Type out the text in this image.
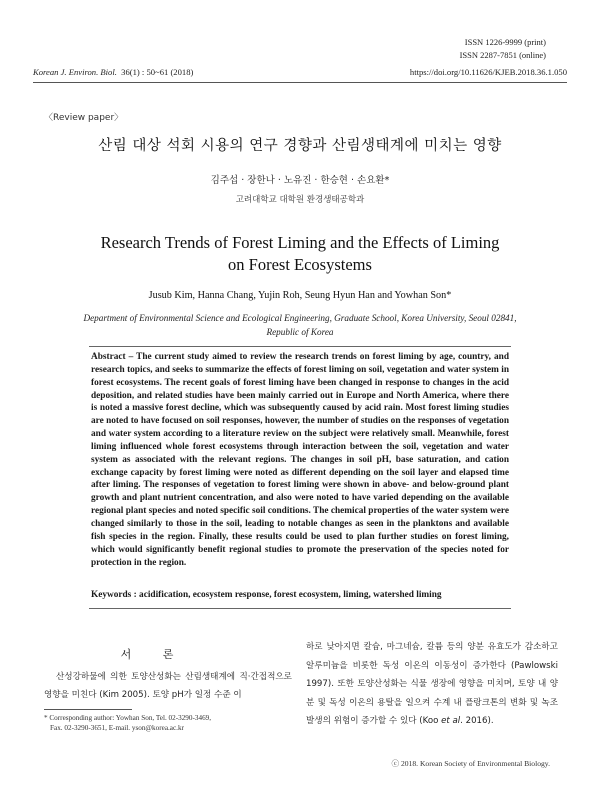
ISSN 1226-9999 (print)
ISSN 2287-7851 (online)
Korean J. Environ. Biol. 36(1) : 50~61 (2018)	https://doi.org/10.11626/KJEB.2018.36.1.050
〈Review paper〉
산림 대상 석회 시용의 연구 경향과 산림생태계에 미치는 영향
김주섭 · 장한나 · 노유진 · 한승현 · 손요환*
고려대학교 대학원 환경생태공학과
Research Trends of Forest Liming and the Effects of Liming on Forest Ecosystems
Jusub Kim, Hanna Chang, Yujin Roh, Seung Hyun Han and Yowhan Son*
Department of Environmental Science and Ecological Engineering, Graduate School, Korea University, Seoul 02841, Republic of Korea
Abstract – The current study aimed to review the research trends on forest liming by age, country, and research topics, and seeks to summarize the effects of forest liming on soil, vegetation and water system in forest ecosystems. The recent goals of forest liming have been changed in response to changes in the acid deposition, and related studies have been mainly carried out in Europe and North America, where there is noted a massive forest decline, which was subsequently caused by acid rain. Most forest liming studies are noted to have focused on soil responses, however, the number of studies on the responses of vegetation and water system according to a literature review on the subject were relatively small. Meanwhile, forest liming influenced whole forest ecosystems through interaction between the soil, vegetation and water system as associated with the relevant regions. The changes in soil pH, base saturation, and cation exchange capacity by forest liming were noted as different depending on the soil layer and elapsed time after liming. The responses of vegetation to forest liming were shown in above- and below-ground plant growth and plant nutrient concentration, and also were noted to have varied depending on the available regional plant species and noted specific soil conditions. The chemical properties of the water system were changed similarly to those in the soil, leading to notable changes as seen in the planktons and available fish species in the region. Finally, these results could be used to plan further studies on forest liming, which would significantly benefit regional studies to promote the preservation of the species noted for protection in the region.
Keywords : acidification, ecosystem response, forest ecosystem, liming, watershed liming
서 론

산성강하물에 의한 토양산성화는 산림생태계에 직·간접적으로 영향을 미친다 (Kim 2005). 토양 pH가 일정 수준 이

하로 낮아지면 칼슘, 마그네슘, 칼륨 등의 양분 유효도가 감소하고 알루미늄을 비롯한 독성 이온의 이동성이 증가한다 (Pawlowski 1997). 또한 토양산성화는 식물 생장에 영향을 미치며, 토양 내 양분 및 독성 이온의 용탈을 일으켜 수계 내 플랑크톤의 변화 및 녹조 발생의 위험이 증가할 수 있다 (Koo et al. 2016).

* Corresponding author: Yowhan Son, Tel. 02-3290-3469,
Fax. 02-3290-3651, E-mail. yson@korea.ac.kr
ⓒ 2018. Korean Society of Environmental Biology.
